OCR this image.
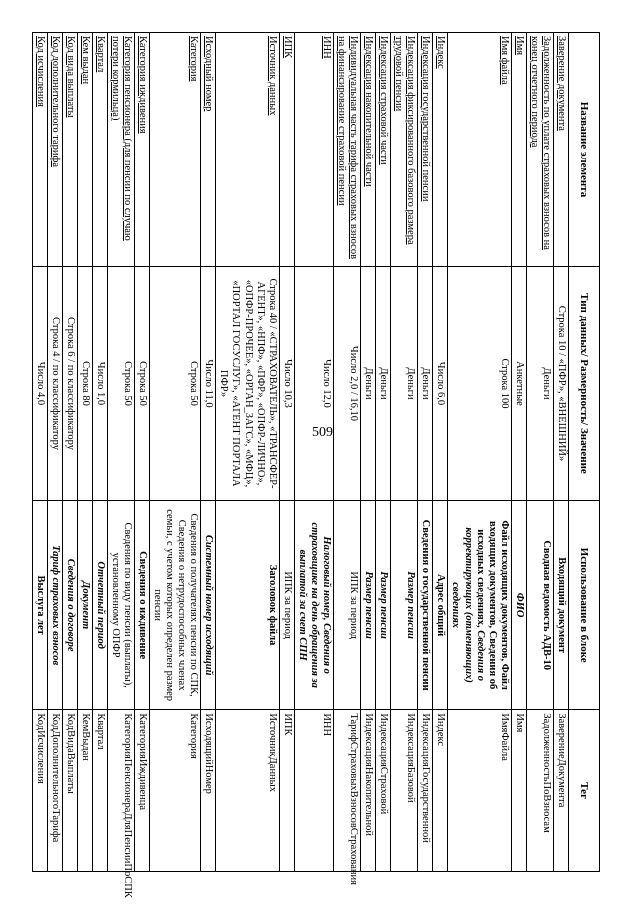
509
Название элемента	Тип данных/ Размерность/ Значение	Использование в блоке	Тег
Заверение документа	Строка 10 / «ПФР», «ВНЕШНИЙ»	Входящий документ	ЗаверениеДокумента
Задолженность по уплате страховых взносов на конец отчетного периода	Деньги	Сводная ведомость АДВ-10	ЗадолженностьПоВзносам
Имя	Анкетные	ФИО	Имя
Имя файла	Строка 100	Файл исходящих документов, Файл входящих документов, Сведения об исходных сведениях, Сведения о корректирующих (отменяющих) сведениях	ИмяФайла
Индекс	Число 6,0	Адрес общий	Индекс
Индексация государственной пенсии	Деньги	Сведения о государственной пенсии	ИндексацияГосударственной
Индексация фиксированного базового размера трудовой пенсии	Деньги	Размер пенсии	ИндексацияБазовой
Индексация страховой части	Деньги	Размер пенсии	ИндексацияСтраховой
Индексация накопительной части	Деньги	Размер пенсии	ИндексацияНакопительной
Индивидуальная часть тарифа страховых взносов на финансирование страховой пенсии	Число 2,0 / 16,10	ИПК за период	ТарифСтраховыхВзносовСтрахования
ИНН	Число 12,0	Налоговый номер, Сведения о страховщике на день обращения за выплатой за счет СПН	ИНН
ИПК	Число 10,3	ИПК за период	ИПК
Источник данных	Строка 40 / «СТРАХОВАТЕЛЬ», «ТРАНСФЕР-АГЕНТ», «НПФ», «ПФР», «ОПФР-ЛИЧНО», «ОПФР-ПРОЧЕЕ», «ОРГАН_ЗАГС», «МФЦ», «ПОРТАЛ ГОСУСЛУГ», «АГЕНТ ПОРТАЛА ПФР»	Заголовок файла	ИсточникДанных
Исходный номер	Число 11,0	Системный номер исходящий	ИсходящийНомер
Категория	Строка 50	Сведения о получателях пенсии по СПК, Сведения о нетрудоспособных членах семьи, с учетом которых определен размер пенсии	Категория
Категория иждивения	Строка 50	Сведения о иждивение	КатегорияИждивенца
Категория пенсионера (для пенсии по случаю потери кормильца)	Строка 50	Сведения по виду пенсии (выплаты), установленному ОПФР	КатегорияПенсионераДляПенсииПоСПК
Квартал	Число 1,0	Отчетный период	Квартал
Кем выдан	Строка 80	Документ	КемВыдан
Код вида выплаты	Строка 6 / по классификатору	Сведения о договоре	КодВидаВыплаты
Код дополнительного тарифа	Строка 4 / по классификатору	Тариф страховых взносов	КодДополнительногоТарифа
Код исчисления	Число 4,0	Выслуга лет	КодИсчисления
